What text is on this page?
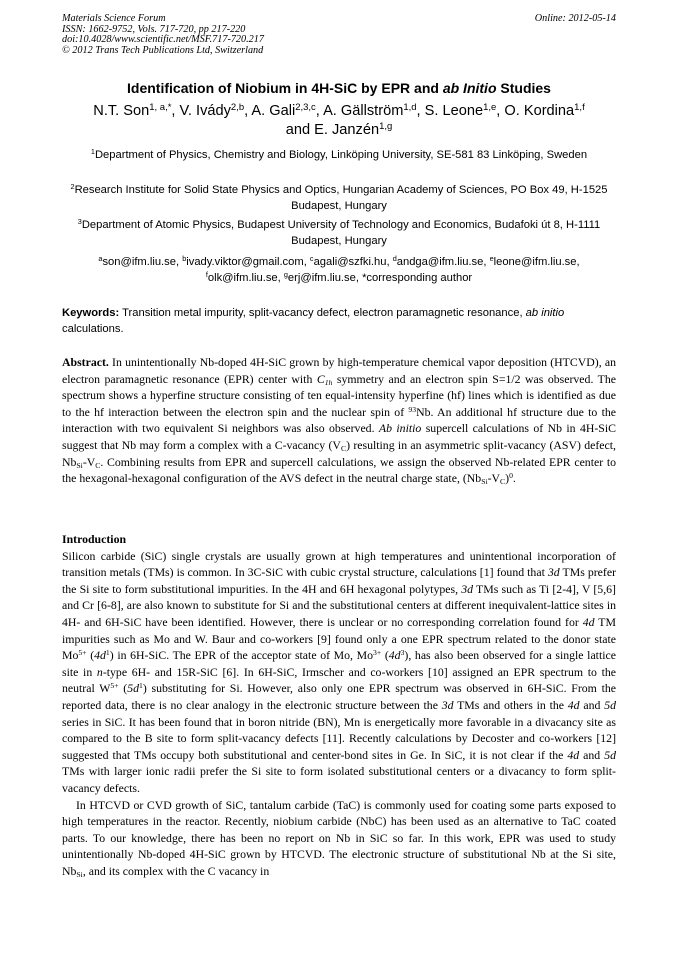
Materials Science Forum
ISSN: 1662-9752, Vols. 717-720, pp 217-220
doi:10.4028/www.scientific.net/MSF.717-720.217
© 2012 Trans Tech Publications Ltd, Switzerland
Online: 2012-05-14
Identification of Niobium in 4H-SiC by EPR and ab Initio Studies
N.T. Son$^{1, a,*}$, V. Ivády$^{2,b}$, A. Gali$^{2,3,c}$, A. Gällström$^{1,d}$, S. Leone$^{1,e}$, O. Kordina$^{1,f}$
and E. Janzén$^{1,g}$
$^1$Department of Physics, Chemistry and Biology, Linköping University, SE-581 83 Linköping, Sweden
$^2$Research Institute for Solid State Physics and Optics, Hungarian Academy of Sciences, PO Box 49, H-1525 Budapest, Hungary
$^3$Department of Atomic Physics, Budapest University of Technology and Economics, Budafoki út 8, H-1111 Budapest, Hungary
$^a$son@ifm.liu.se, $^b$ivady.viktor@gmail.com, $^c$agali@szfki.hu, $^d$andga@ifm.liu.se, $^e$leone@ifm.liu.se,
$^f$olk@ifm.liu.se, $^g$erj@ifm.liu.se, *corresponding author
Keywords: Transition metal impurity, split-vacancy defect, electron paramagnetic resonance, ab initio calculations.

Abstract. In unintentionally Nb-doped 4H-SiC grown by high-temperature chemical vapor deposition (HTCVD), an electron paramagnetic resonance (EPR) center with $C_{1h}$ symmetry and an electron spin S=1/2 was observed. The spectrum shows a hyperfine structure consisting of ten equal-intensity hyperfine (hf) lines which is identified as due to the hf interaction between the electron spin and the nuclear spin of $^{93}$Nb. An additional hf structure due to the interaction with two equivalent Si neighbors was also observed. Ab initio supercell calculations of Nb in 4H-SiC suggest that Nb may form a complex with a C-vacancy $(V_C)$ resulting in an asymmetric split-vacancy (ASV) defect, $Nb_{Si}-V_C$. Combining results from EPR and supercell calculations, we assign the observed Nb-related EPR center to the hexagonal-hexagonal configuration of the AVS defect in the neutral charge state, $(Nb_{Si}-V_C)^0$.

Introduction

Silicon carbide (SiC) single crystals are usually grown at high temperatures and unintentional incorporation of transition metals (TMs) is common. In 3C-SiC with cubic crystal structure, calculations [1] found that 3d TMs prefer the Si site to form substitutional impurities. In the 4H and 6H hexagonal polytypes, 3d TMs such as Ti [2-4], V [5,6] and Cr [6-8], are also known to substitute for Si and the substitutional centers at different inequivalent-lattice sites in 4H- and 6H-SiC have been identified. However, there is unclear or no corresponding correlation found for 4d TM impurities such as Mo and W. Baur and co-workers [9] found only a one EPR spectrum related to the donor state $Mo^{5+}$ $(4d^1)$ in 6H-SiC. The EPR of the acceptor state of Mo, $Mo^{3+}$ $(4d^3)$, has also been observed for a single lattice site in n-type 6H- and 15R-SiC [6]. In 6H-SiC, Irmscher and co-workers [10] assigned an EPR spectrum to the neutral $W^{5+}$ $(5d^1)$ substituting for Si. However, also only one EPR spectrum was observed in 6H-SiC. From the reported data, there is no clear analogy in the electronic structure between the 3d TMs and others in the 4d and 5d series in SiC. It has been found that in boron nitride (BN), Mn is energetically more favorable in a divacancy site as compared to the B site to form split-vacancy defects [11]. Recently calculations by Decoster and co-workers [12] suggested that TMs occupy both substitutional and center-bond sites in Ge. In SiC, it is not clear if the 4d and 5d TMs with larger ionic radii prefer the Si site to form isolated substitutional centers or a divacancy to form split-vacancy defects.

In HTCVD or CVD growth of SiC, tantalum carbide (TaC) is commonly used for coating some parts exposed to high temperatures in the reactor. Recently, niobium carbide (NbC) has been used as an alternative to TaC coated parts. To our knowledge, there has been no report on Nb in SiC so far. In this work, EPR was used to study unintentionally Nb-doped 4H-SiC grown by HTCVD. The electronic structure of substitutional Nb at the Si site, $Nb_{Si}$, and its complex with the C vacancy in
